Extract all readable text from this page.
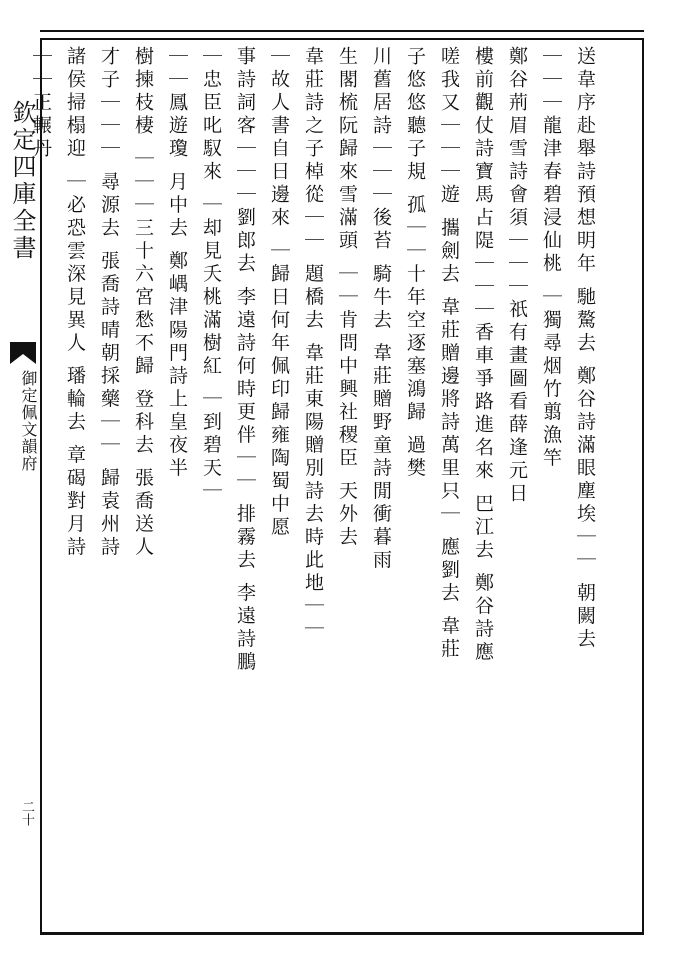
欽定四庫全書
御定佩文韻府
二十
送韋序赴舉詩預想明年 馳驁去 鄭谷詩滿眼塵埃｜｜ 朝闕去
｜｜｜龍津春碧浸仙桃 ｜獨尋烟竹翦漁竿
鄭谷荊眉雪詩會須｜｜｜祇有畫圖看薛逢元日
樓前觀仗詩寶馬占隄｜｜｜香車爭路進名來 巴江去 鄭谷詩應
嗟我又｜｜｜遊 攜劍去 韋莊贈邊將詩萬里只｜ 應劉去 韋莊
子悠悠聽子規 孤｜｜十年空逐塞鴻歸 過樊
川舊居詩｜｜｜後苔 騎牛去 韋莊贈野童詩閒衝暮雨
生閣梳阮歸來雪滿頭 ｜｜肯問中興社稷臣 天外去
韋莊詩之子棹從｜｜ 題橋去 韋莊東陽贈別詩去時此地｜｜
｜故人書自日邊來 ｜歸日何年佩印歸雍陶蜀中愿
事詩詞客｜｜｜劉郎去 李遠詩何時更伴｜｜ 排霧去 李遠詩鵬
｜忠臣叱馭來 ｜却見夭桃滿樹紅 ｜到碧天｜
｜｜鳳遊瓊 月中去 鄭嵎津陽門詩上皇夜半
樹揀枝棲 ｜｜｜三十六宮愁不歸 登科去 張喬送人
才子｜｜｜ 尋源去 張喬詩晴朝採藥｜｜ 歸袁州詩
諸侯掃榻迎 ｜必恐雲深見異人 璠輪去 章碣對月詩
｜｜正輾丹
